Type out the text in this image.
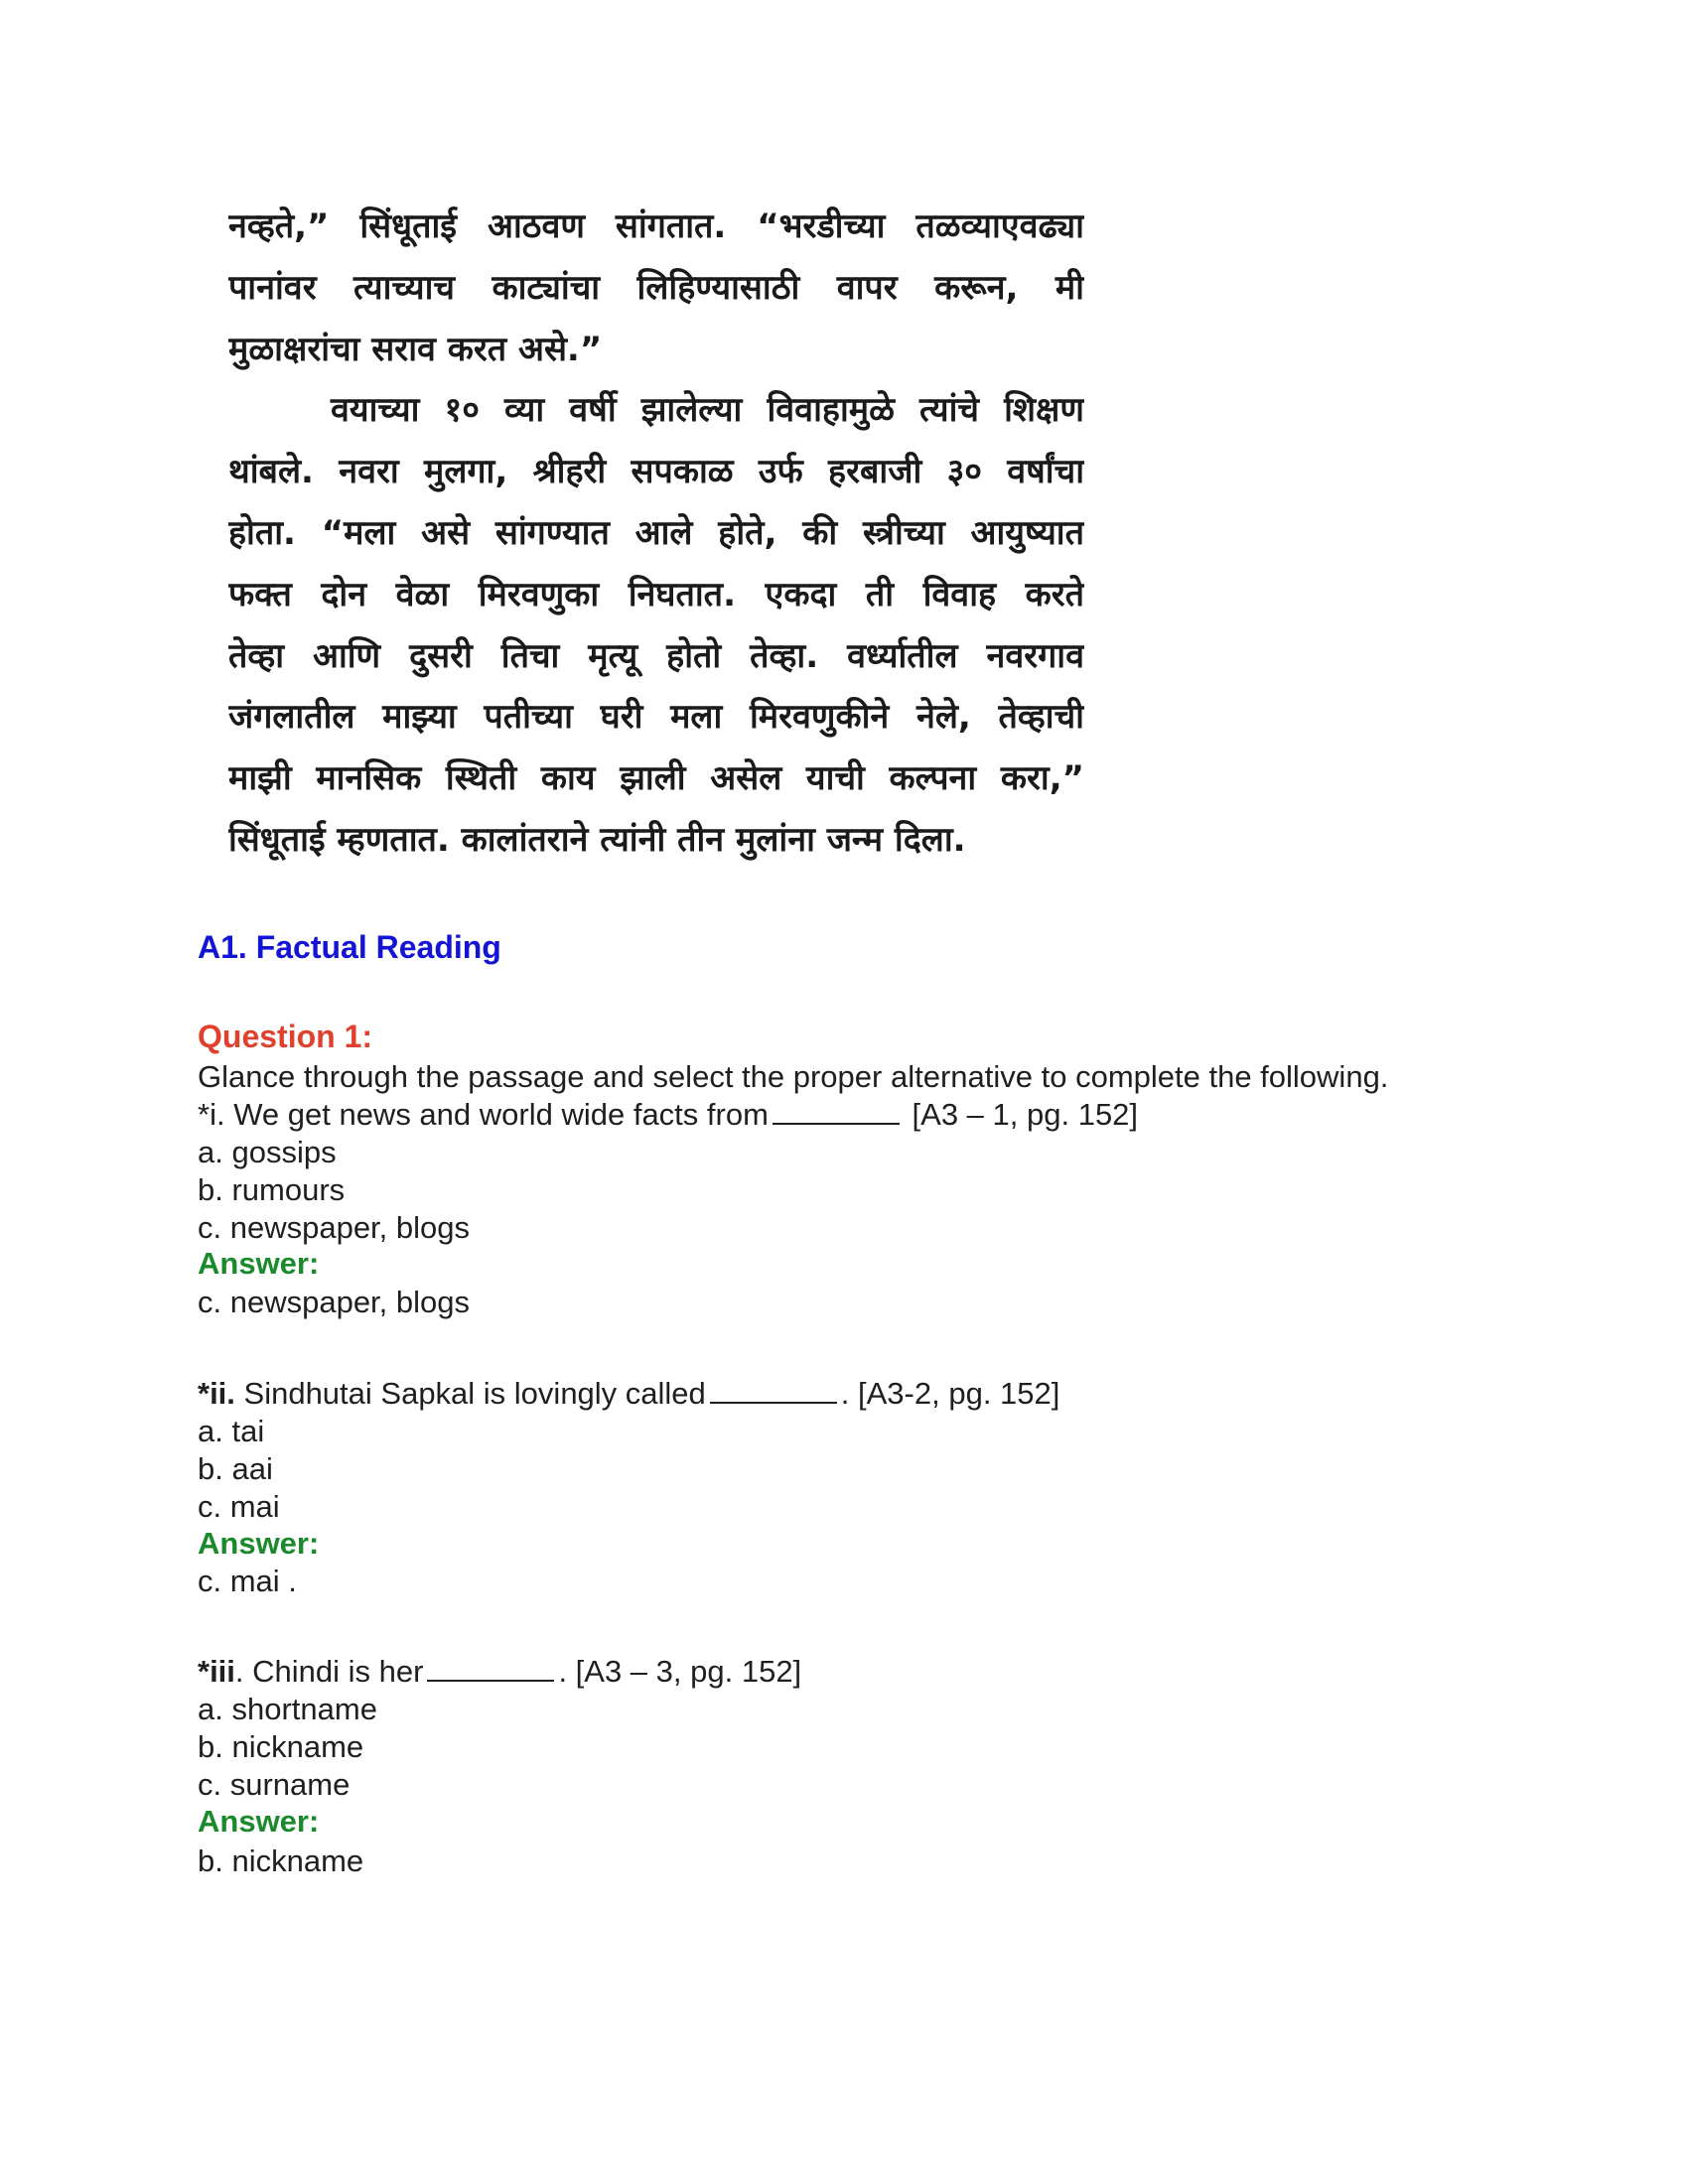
नव्हते,” सिंधूताई आठवण सांगतात. “भरडीच्या तळव्याएवढ्या
पानांवर त्याच्याच काट्यांचा लिहिण्यासाठी वापर करून, मी
मुळाक्षरांचा सराव करत असे.”
वयाच्या १० व्या वर्षी झालेल्या विवाहामुळे त्यांचे शिक्षण
थांबले. नवरा मुलगा, श्रीहरी सपकाळ उर्फ हरबाजी ३० वर्षांचा
होता. “मला असे सांगण्यात आले होते, की स्त्रीच्या आयुष्यात
फक्त दोन वेळा मिरवणुका निघतात. एकदा ती विवाह करते
तेव्हा आणि दुसरी तिचा मृत्यू होतो तेव्हा. वर्ध्यातील नवरगाव
जंगलातील माझ्या पतीच्या घरी मला मिरवणुकीने नेले, तेव्हाची
माझी मानसिक स्थिती काय झाली असेल याची कल्पना करा,”
सिंधूताई म्हणतात. कालांतराने त्यांनी तीन मुलांना जन्म दिला.
A1. Factual Reading
Question 1:
Glance through the passage and select the proper alternative to complete the following.
*i. We get news and world wide facts from	[A3 – 1, pg. 152]
a. gossips
b. rumours
c. newspaper, blogs
Answer:
c. newspaper, blogs
*ii. Sindhutai Sapkal is lovingly called	. [A3-2, pg. 152]
a. tai
b. aai
c. mai
Answer:
c. mai .
*iii. Chindi is her	. [A3 – 3, pg. 152]
a. shortname
b. nickname
c. surname
Answer:
b. nickname
